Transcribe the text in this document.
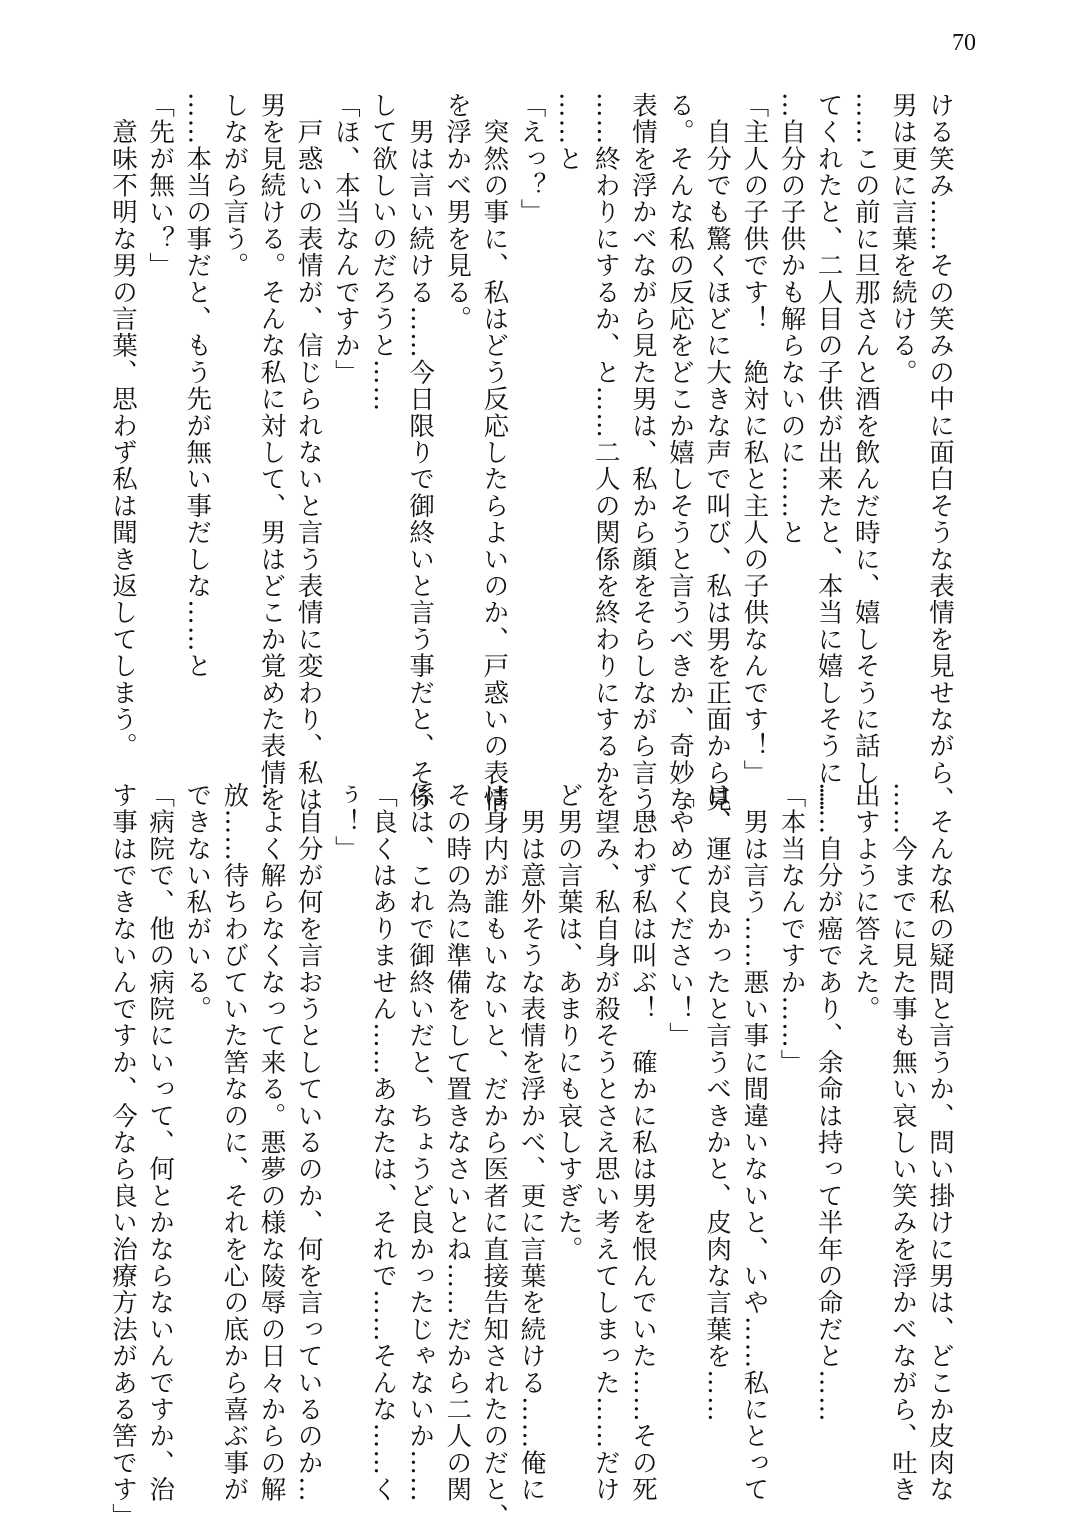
70
ける笑み……その笑みの中に面白そうな表情を見せながら、
男は更に言葉を続ける。
……この前に旦那さんと酒を飲んだ時に、嬉しそうに話し
てくれたと、二人目の子供が出来たと、本当に嬉しそうに…
…自分の子供かも解らないのに……と
「主人の子供です！　絶対に私と主人の子供なんです！」
　自分でも驚くほどに大きな声で叫び、私は男を正面から見
る。そんな私の反応をどこか嬉しそうと言うべきか、奇妙な
表情を浮かべながら見た男は、私から顔をそらしながら言う。
……終わりにするか、と……二人の関係を終わりにするか
……と
「えっ？」
　突然の事に、私はどう反応したらよいのか、戸惑いの表情
を浮かべ男を見る。
　男は言い続ける……今日限りで御終いと言う事だと、そう
して欲しいのだろうと……
「ほ、本当なんですか」
　戸惑いの表情が、信じられないと言う表情に変わり、私は
男を見続ける。そんな私に対して、男はどこか覚めた表情を
しながら言う。
……本当の事だと、もう先が無い事だしな……と
「先が無い？」
　意味不明な男の言葉、思わず私は聞き返してしまう。
　そんな私の疑問と言うか、問い掛けに男は、どこか皮肉な
……今までに見た事も無い哀しい笑みを浮かべながら、吐き
出すように答えた。
……自分が癌であり、余命は持って半年の命だと……
「本当なんですか……」
　男は言う……悪い事に間違いないと、いや……私にとって
は、運が良かったと言うべきかと、皮肉な言葉を……
「やめてください！」
　思わず私は叫ぶ！　確かに私は男を恨んでいた……その死
を望み、私自身が殺そうとさえ思い考えてしまった……だけ
ど男の言葉は、あまりにも哀しすぎた。
　男は意外そうな表情を浮かべ、更に言葉を続ける……俺に
は身内が誰もいないと、だから医者に直接告知されたのだと、
その時の為に準備をして置きなさいとね……だから二人の関
係は、これで御終いだと、ちょうど良かったじゃないか……
「良くはありません……あなたは、それで……そんな……く
ぅ！」
　自分が何を言おうとしているのか、何を言っているのか…
…よく解らなくなって来る。悪夢の様な陵辱の日々からの解
放……待ちわびていた筈なのに、それを心の底から喜ぶ事が
できない私がいる。
「病院で、他の病院にいって、何とかならないんですか、治
す事はできないんですか、今なら良い治療方法がある筈です」
